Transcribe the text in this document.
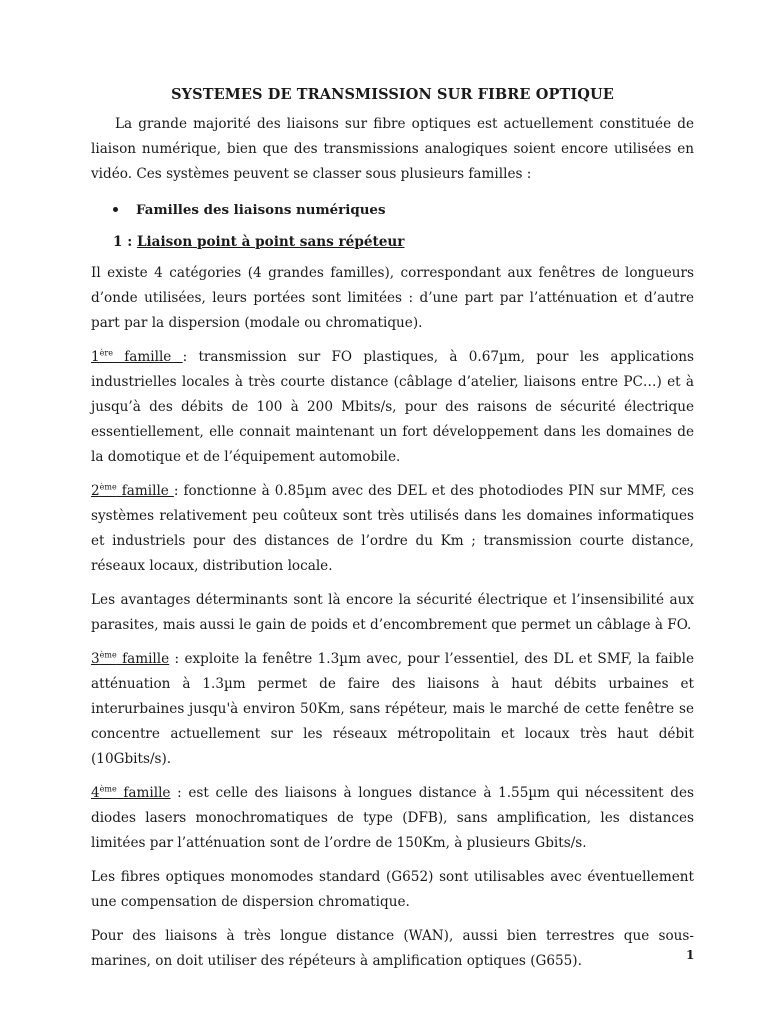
SYSTEMES DE TRANSMISSION SUR FIBRE OPTIQUE

La grande majorité des liaisons sur fibre optiques est actuellement constituée de liaison numérique, bien que des transmissions analogiques soient encore utilisées en vidéo. Ces systèmes peuvent se classer sous plusieurs familles :

Familles des liaisons numériques
1 : Liaison point à point sans répéteur

Il existe 4 catégories (4 grandes familles), correspondant aux fenêtres de longueurs d’onde utilisées, leurs portées sont limitées : d’une part par l’atténuation et d’autre part par la dispersion (modale ou chromatique).

1ère famille : transmission sur FO plastiques, à 0.67µm, pour les applications industrielles locales à très courte distance (câblage d’atelier, liaisons entre PC…) et à jusqu’à des débits de 100 à 200 Mbits/s, pour des raisons de sécurité électrique essentiellement, elle connait maintenant un fort développement dans les domaines de la domotique et de l’équipement automobile.

2ème famille : fonctionne à 0.85µm avec des DEL et des photodiodes PIN sur MMF, ces systèmes relativement peu coûteux sont très utilisés dans les domaines informatiques et industriels pour des distances de l’ordre du Km ; transmission courte distance, réseaux locaux, distribution locale.

Les avantages déterminants sont là encore la sécurité électrique et l’insensibilité aux parasites, mais aussi le gain de poids et d’encombrement que permet un câblage à FO.

3ème famille : exploite la fenêtre 1.3µm avec, pour l’essentiel, des DL et SMF, la faible atténuation à 1.3µm permet de faire des liaisons à haut débits urbaines et interurbaines jusqu'à environ 50Km, sans répéteur, mais le marché de cette fenêtre se concentre actuellement sur les réseaux métropolitain et locaux très haut débit (10Gbits/s).

4ème famille : est celle des liaisons à longues distance à 1.55µm qui nécessitent des diodes lasers monochromatiques de type (DFB), sans amplification, les distances limitées par l’atténuation sont de l’ordre de 150Km, à plusieurs Gbits/s.

Les fibres optiques monomodes standard (G652) sont utilisables avec éventuellement une compensation de dispersion chromatique.

Pour des liaisons à très longue distance (WAN), aussi bien terrestres que sous-marines, on doit utiliser des répéteurs à amplification optiques (G655).	1
